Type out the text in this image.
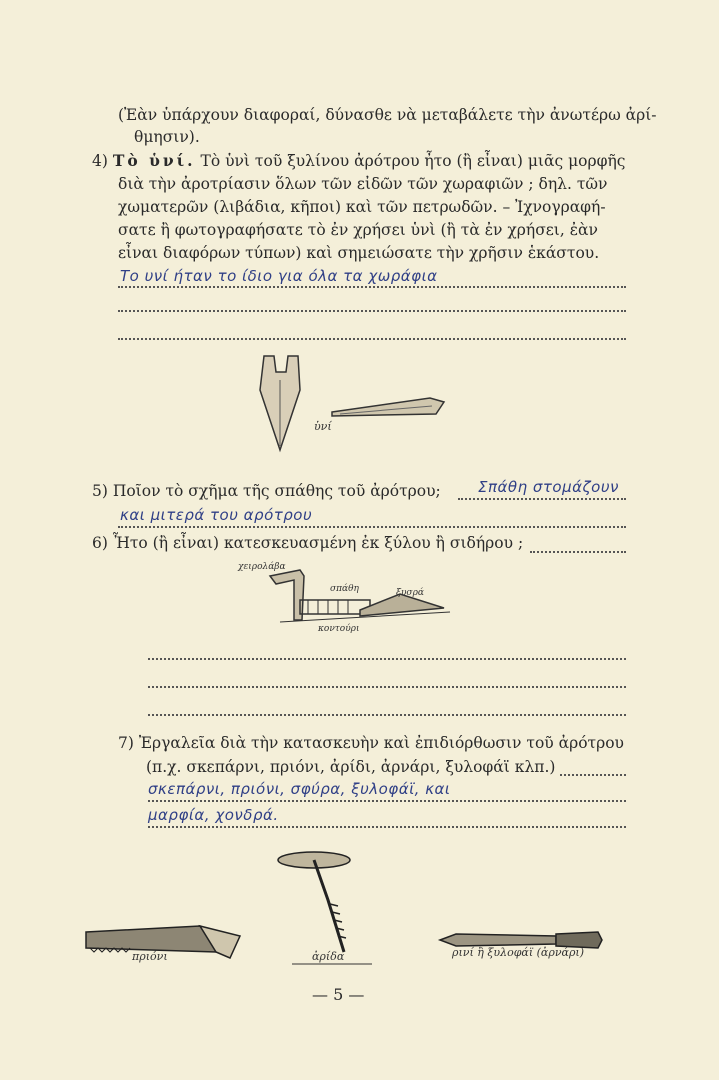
(Ἐὰν ὑπάρχουν διαφοραί, δύνασθε νὰ μεταβάλετε τὴν ἀνωτέρω ἀρί-
θμησιν).
4) Τὸ ὑνί. Τὸ ὑνὶ τοῦ ξυλίνου ἀρότρου ἦτο (ἢ εἶναι) μιᾶς μορφῆς
διὰ τὴν ἀροτρίασιν ὅλων τῶν εἰδῶν τῶν χωραφιῶν ; δηλ. τῶν
χωματερῶν (λιβάδια, κῆποι) καὶ τῶν πετρωδῶν. – Ἰχνογραφή-
σατε ἢ φωτογραφήσατε τὸ ἐν χρήσει ὑνὶ (ἢ τὰ ἐν χρήσει, ἐὰν
εἶναι διαφόρων τύπων) καὶ σημειώσατε τὴν χρῆσιν ἑκάστου.
Το υνί ήταν το ίδιο για όλα τα χωράφια
ὑνί
5) Ποῖον τὸ σχῆμα τῆς σπάθης τοῦ ἀρότρου; Σπάθη στομάζουν
και μιτερά του αρότρου
6) Ἦτο (ἢ εἶναι) κατεσκευασμένη ἐκ ξύλου ἢ σιδήρου ;
χειρολάβα
σπάθη	ξυσρά
κοντούρι
7) Ἐργαλεῖα διὰ τὴν κατασκευὴν καὶ ἐπιδιόρθωσιν τοῦ ἀρότρου
(π.χ. σκεπάρνι, πριόνι, ἀρίδι, ἀρνάρι, ξυλοφάϊ κλπ.)
σκεπάρνι, πριόνι, σφύρα, ξυλοφάϊ, και
μαρφία, χονδρά.
πριόνι	ἀρίδα	ρινί ἢ ξυλοφάϊ (ἀρνάρι)
— 5 —
